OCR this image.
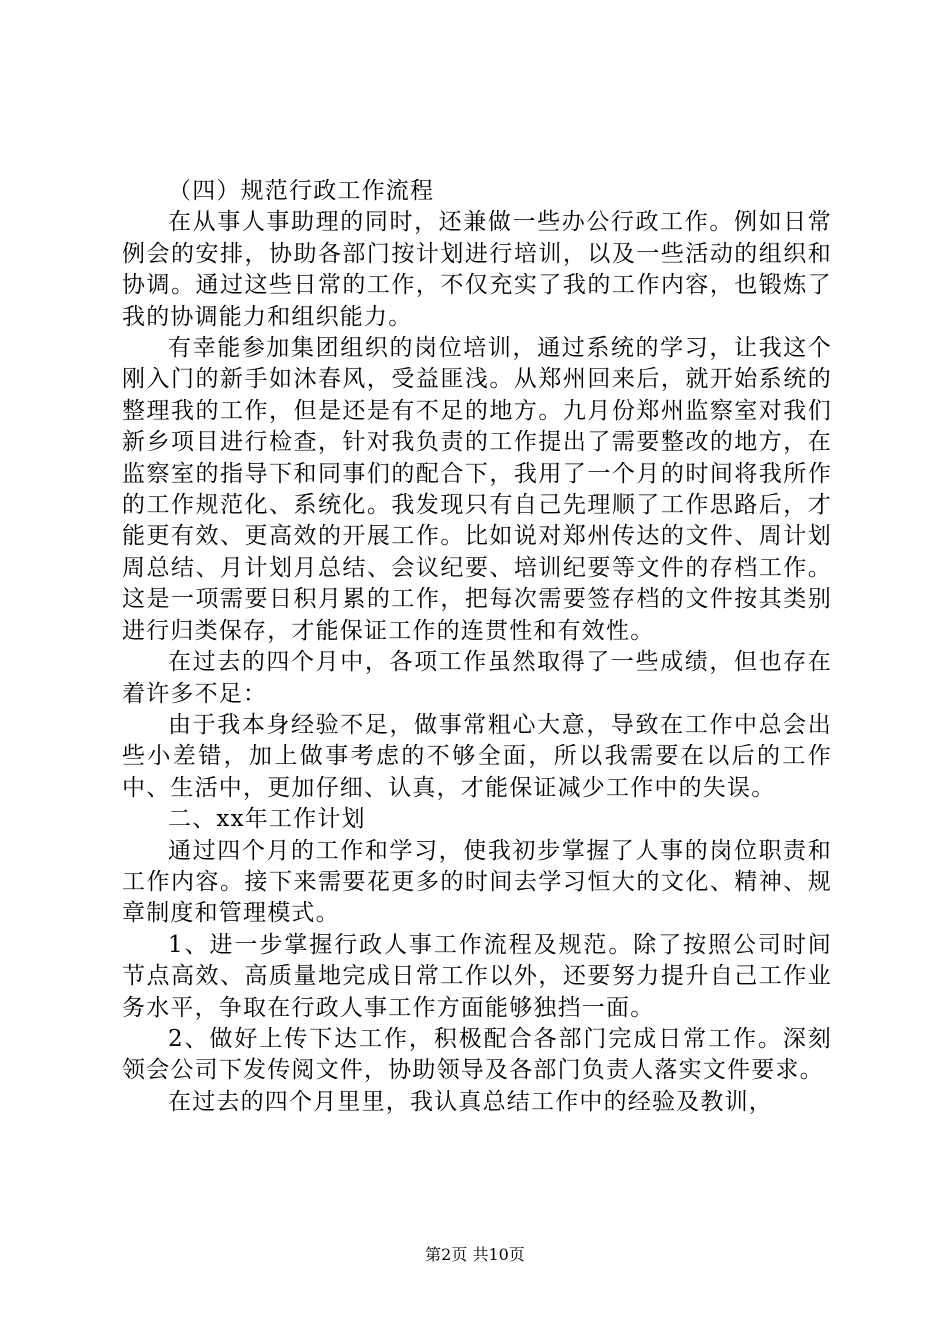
（四）规范行政工作流程

在从事人事助理的同时，还兼做一些办公行政工作。例如日常例会的安排，协助各部门按计划进行培训，以及一些活动的组织和协调。通过这些日常的工作，不仅充实了我的工作内容，也锻炼了我的协调能力和组织能力。

有幸能参加集团组织的岗位培训，通过系统的学习，让我这个刚入门的新手如沐春风，受益匪浅。从郑州回来后，就开始系统的整理我的工作，但是还是有不足的地方。九月份郑州监察室对我们新乡项目进行检查，针对我负责的工作提出了需要整改的地方，在监察室的指导下和同事们的配合下，我用了一个月的时间将我所作的工作规范化、系统化。我发现只有自己先理顺了工作思路后，才能更有效、更高效的开展工作。比如说对郑州传达的文件、周计划周总结、月计划月总结、会议纪要、培训纪要等文件的存档工作。这是一项需要日积月累的工作，把每次需要签存档的文件按其类别进行归类保存，才能保证工作的连贯性和有效性。

在过去的四个月中，各项工作虽然取得了一些成绩，但也存在着许多不足：

由于我本身经验不足，做事常粗心大意，导致在工作中总会出些小差错，加上做事考虑的不够全面，所以我需要在以后的工作中、生活中，更加仔细、认真，才能保证减少工作中的失误。

二、xx年工作计划

通过四个月的工作和学习，使我初步掌握了人事的岗位职责和工作内容。接下来需要花更多的时间去学习恒大的文化、精神、规章制度和管理模式。

1、进一步掌握行政人事工作流程及规范。除了按照公司时间节点高效、高质量地完成日常工作以外，还要努力提升自己工作业务水平，争取在行政人事工作方面能够独挡一面。

2、做好上传下达工作，积极配合各部门完成日常工作。深刻领会公司下发传阅文件，协助领导及各部门负责人落实文件要求。

在过去的四个月里里，我认真总结工作中的经验及教训，

第2页 共10页
